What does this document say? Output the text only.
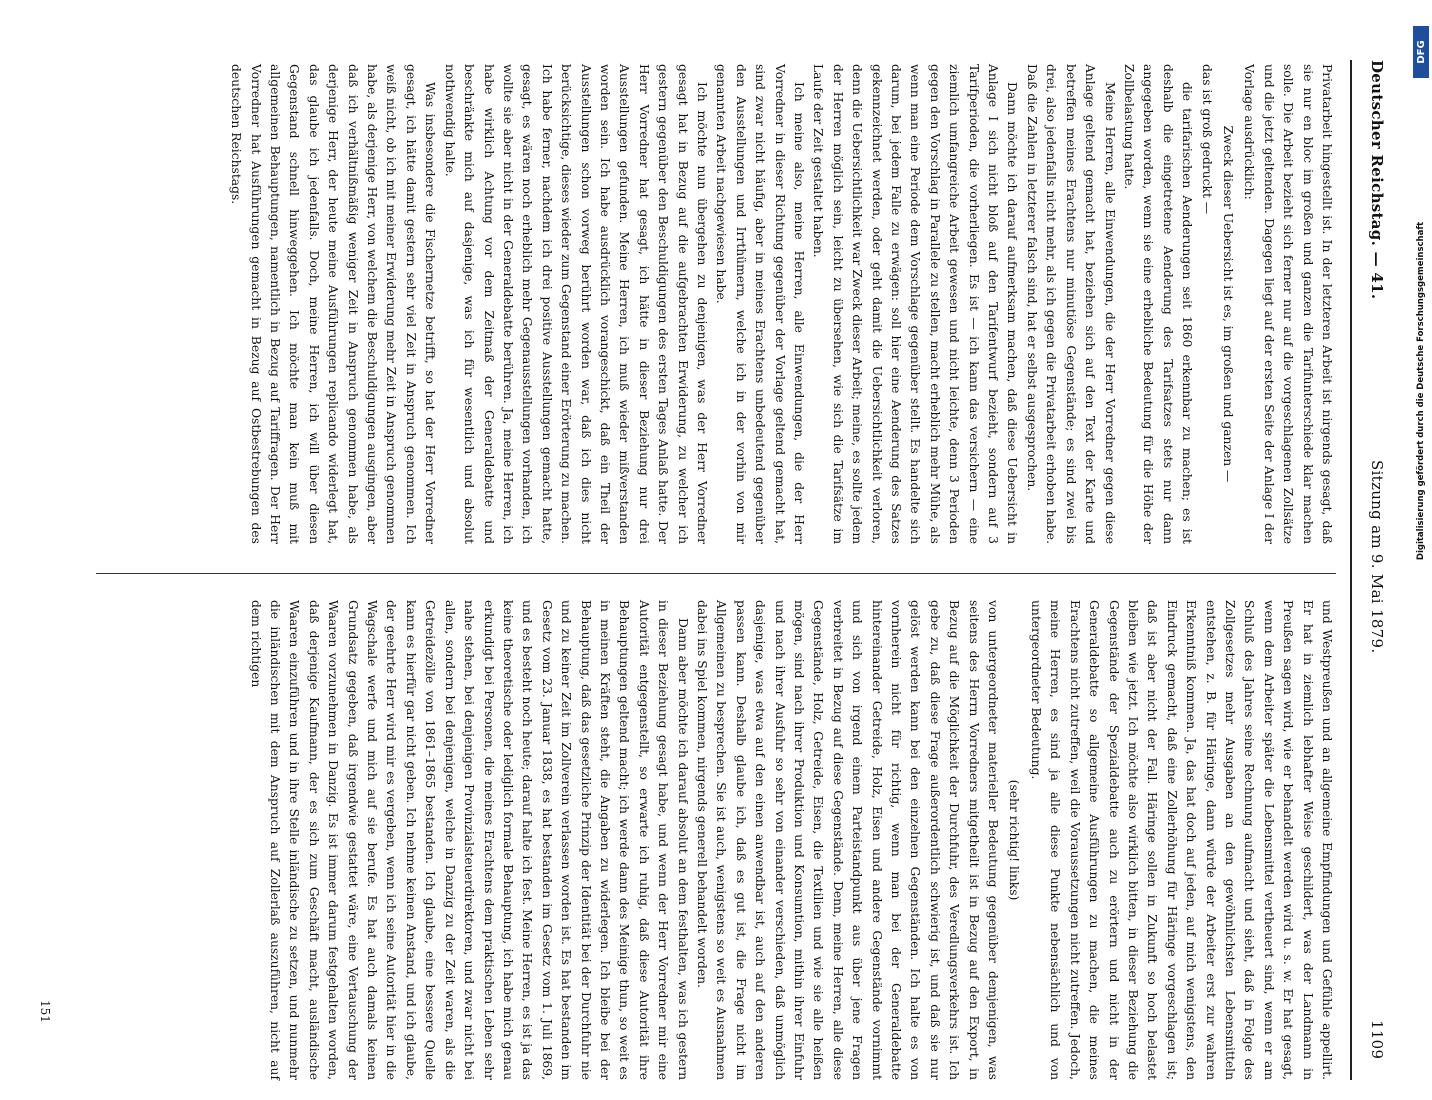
Deutscher Reichstag. — 41.
Sitzung am 9. Mai 1879.
1109

Privatarbeit hingestellt ist. In der letzteren Arbeit ist nirgends gesagt, daß sie nur en bloc im großen und ganzen die Tarifunterschiede klar machen solle. Die Arbeit bezieht sich ferner nur auf die vorgeschlagenen Zollsätze und die jetzt geltenden. Dagegen liegt auf der ersten Seite der Anlage I der Vorlage ausdrücklich:

Zweck dieser Uebersicht ist es, im großen und ganzen —

das ist groß gedruckt —

die tarifarischen Aenderungen seit 1860 erkennbar zu machen; es ist deshalb die eingetretene Aenderung des Tarifsatzes stets nur dann angegeben worden, wenn sie eine erhebliche Bedeutung für die Höhe der Zollbelastung hatte.

Meine Herren, alle Einwendungen, die der Herr Vorredner gegen diese Anlage geltend gemacht hat, beziehen sich auf den Text der Karte und betreffen meines Erachtens nur minutiöse Gegenstände; es sind zwei bis drei, also jedenfalls nicht mehr, als ich gegen die Privatarbeit erhoben habe. Daß die Zahlen in letzterer falsch sind, hat er selbst ausgesprochen.

Dann möchte ich darauf aufmerksam machen, daß diese Uebersicht in Anlage I sich nicht bloß auf den Tarifentwurf bezieht, sondern auf 3 Tarifperioden, die vorherliegen. Es ist — ich kann das versichern — eine ziemlich umfangreiche Arbeit gewesen und nicht leichte, denn 3 Perioden gegen den Vorschlag in Parallele zu stellen, macht erheblich mehr Mühe, als wenn man eine Periode dem Vorschlage gegenüber stellt. Es handelte sich darum, bei jedem Falle zu erwägen: soll hier eine Aenderung des Satzes gekennzeichnet werden, oder geht damit die Uebersichtlichkeit verloren, denn die Uebersichtlichkeit war Zweck dieser Arbeit; meine, es sollte jedem der Herren möglich sein, leicht zu übersehen, wie sich die Tarifsätze im Laufe der Zeit gestaltet haben.

Ich meine also, meine Herren, alle Einwendungen, die der Herr Vorredner in dieser Richtung gegenüber der Vorlage geltend gemacht hat, sind zwar nicht häufig, aber in meines Erachtens unbedeutend gegenüber den Ausstellungen und Irrthümern, welche ich in der vorhin von mir genannten Arbeit nachgewiesen habe.

Ich möchte nun übergehen zu denjenigen, was der Herr Vorredner gesagt hat in Bezug auf die aufgebrachten Erwiderung, zu welcher ich gestern gegenüber den Beschuldigungen des ersten Tages Anlaß hatte. Der Herr Vorredner hat gesagt, ich hätte in dieser Beziehung nur drei Ausstellungen gefunden. Meine Herren, ich muß wieder mißverstanden worden sein. Ich habe ausdrücklich vorangeschickt, daß ein Theil der Ausstellungen schon vorweg berührt worden war, daß ich dies nicht berücksichtige, dieses wieder zum Gegenstand einer Erörterung zu machen. Ich habe ferner, nachdem ich drei positive Ausstellungen gemacht hatte, gesagt, es wären noch erheblich mehr Gegenausstellungen vorhanden, ich wollte sie aber nicht in der Generaldebatte berühren. Ja, meine Herren, ich habe wirklich Achtung vor dem Zeitmaß der Generaldebatte und beschränkte mich auf dasjenige, was ich für wesentlich und absolut nothwendig halte.

Was insbesondere die Fischernetze betrifft, so hat der Herr Vorredner gesagt, ich hätte damit gestern sehr viel Zeit in Anspruch genommen. Ich weiß nicht, ob ich mit meiner Erwiderung mehr Zeit in Anspruch genommen habe, als derjenige Herr, von welchem die Beschuldigungen ausgingen, aber daß ich verhältnißmäßig weniger Zeit in Anspruch genommen habe, als derjenige Herr, der heute meine Ausführungen replicando widerlegt hat, das glaube ich jedenfalls. Doch, meine Herren, ich will über diesen Gegenstand schnell hinweggehen. Ich möchte man kein muß mit allgemeinen Behauptungen, namentlich in Bezug auf Tariffragen. Der Herr Vorredner hat Ausführungen gemacht in Bezug auf Ostbestrebungen des deutschen Reichstags.

und Westpreußen und an allgemeine Empfindungen und Gefühle appellirt. Er hat in ziemlich lebhafter Weise geschildert, was der Landmann in Preußen sagen wird, wie er behandelt werden wird u. s. w. Er hat gesagt, wenn dem Arbeiter später die Lebensmittel vertheuert sind, wenn er am Schluß des Jahres seine Rechnung aufmacht und sieht, daß in Folge des Zollgesetzes mehr Ausgaben an den gewöhnlichsten Lebensmitteln entstehen, z. B. für Häringe, dann würde der Arbeiter erst zur wahren Erkenntniß kommen. Ja, das hat doch auf jeden, auf mich wenigstens, den Eindruck gemacht, daß eine Zollerhöhung für Häringe vorgeschlagen ist; daß ist aber nicht der Fall. Häringe sollen in Zukunft so hoch belastet bleiben wie jetzt. Ich möchte also wirklich bitten, in dieser Beziehung die Gegenstände der Spezialdebatte auch zu erörtern und nicht in der Generaldebatte so allgemeine Ausführungen zu machen, die meines Erachtens nicht zutreffen, weil die Voraussetzungen nicht zutreffen. Jedoch, meine Herren, es sind ja alle diese Punkte nebensächlich und von untergeordneter Bedeutung.

(sehr richtig! links)

von untergeordneter materieller Bedeutung gegenüber demjenigen, was seitens des Herrn Vorredners mitgetheilt ist in Bezug auf den Export, in Bezug auf die Möglichkeit der Durchfuhr, des Veredlungsverkehrs ist. Ich gebe zu, daß diese Frage außerordentlich schwierig ist, und daß sie nur gelöst werden kann bei den einzelnen Gegenständen. Ich halte es von vornherein nicht für richtig, wenn man bei der Generaldebatte hintereinander Getreide, Holz, Eisen und andere Gegenstände vornimmt und sich von irgend einem Parteistandpunkt aus über jene Fragen verbreitet in Bezug auf diese Gegenstände. Denn, meine Herren, alle diese Gegenstände, Holz, Getreide, Eisen, die Textilien und wie sie alle heißen mögen, sind nach ihrer Produktion und Konsumtion, mithin ihrer Einfuhr und nach ihrer Ausfuhr so sehr von einander verschieden, daß unmöglich dasjenige, was etwa auf den einen anwendbar ist, auch auf den anderen passen kann. Deshalb glaube ich, daß es gut ist, die Frage nicht im Allgemeinen zu besprechen. Sie ist auch, wenigstens so weit es Ausnahmen dabei ins Spiel kommen, nirgends generell behandelt worden.

Dann aber möchte ich darauf absolut an dem festhalten, was ich gestern in dieser Beziehung gesagt habe, und wenn der Herr Vorredner mir eine Autorität entgegenstellt, so erwarte ich ruhig, daß diese Autorität ihre Behauptungen geltend macht; ich werde dann des Meinige thun, so weit es in meinen Kräften steht, die Angaben zu widerlegen. Ich bleibe bei der Behauptung, daß das gesetzliche Prinzip der Identität bei der Durchfuhr nie und zu keiner Zeit im Zollverein verlassen worden ist. Es hat bestanden im Gesetz vom 23. Januar 1838, es hat bestanden im Gesetz vom 1. Juli 1869, und es besteht noch heute; darauf halte ich fest. Meine Herren, es ist ja das keine theoretische oder lediglich formale Behauptung, ich habe mich genau erkundigt bei Personen, die meines Erachtens dem praktischen Leben sehr nahe stehen, bei denjenigen Provinzialsteuerdirektoren, und zwar nicht bei allen, sondern bei denjenigen, welche in Danzig zu der Zeit waren, als die Getreidezölle von 1861–1865 bestanden. Ich glaube, eine bessere Quelle kann es hierfür gar nicht geben. Ich nehme keinen Anstand, und ich glaube, der geehrte Herr wird mir es vergeben, wenn ich seine Autorität hier in die Wagschale werfe und mich auf sie berufe. Es hat auch damals keinen Grundsatz gegeben, daß irgendwie gestattet wäre, eine Vertauschung der Waaren vorzunehmen in Danzig. Es ist immer darum festgehalten worden, daß derjenige Kaufmann, der es sich zum Geschäft macht, ausländische Waaren einzuführen und in ihre Stelle inländische zu setzen, und nunmehr die inländischen mit dem Anspruch auf Zollerlaß auszuführen, nicht auf dem richtigen

151
DFG
Digitalisierung gefördert durch die Deutsche Forschungsgemeinschaft
